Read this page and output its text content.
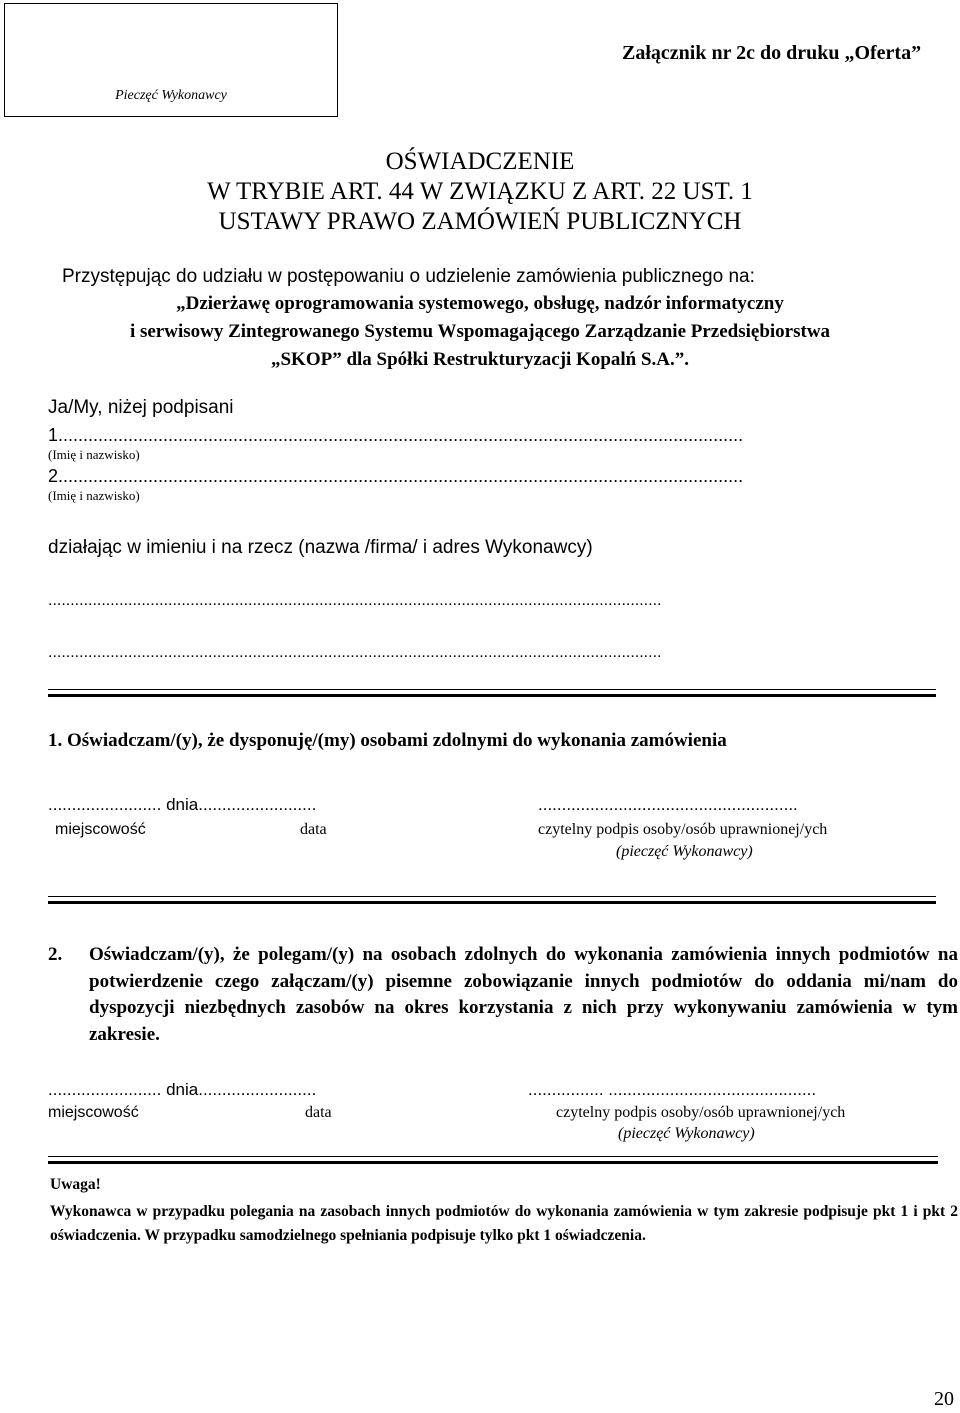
Pieczęć Wykonawcy
Załącznik nr 2c do druku „Oferta”
OŚWIADCZENIE
W TRYBIE ART. 44 W ZWIĄZKU Z ART. 22 UST. 1
USTAWY PRAWO ZAMÓWIEŃ PUBLICZNYCH
Przystępując do udziału w postępowaniu o udzielenie zamówienia publicznego na:
„Dzierżawę oprogramowania systemowego, obsługę, nadzór informatyczny
i serwisowy Zintegrowanego Systemu Wspomagającego Zarządzanie Przedsiębiorstwa
„SKOP” dla Spółki Restrukturyzacji Kopalń S.A.”.
Ja/My, niżej podpisani
1.........................................................................................................................................
(Imię i nazwisko)
2.........................................................................................................................................
(Imię i nazwisko)
działając w imieniu i na rzecz (nazwa /firma/ i adres Wykonawcy)
..........................................................................................................................................
..........................................................................................................................................
1. Oświadczam/(y), że dysponuję/(my) osobami zdolnymi do wykonania zamówienia
........................ dnia.........................	.......................................................
miejscowość	data	czytelny podpis osoby/osób uprawnionej/ych
(pieczęć Wykonawcy)
2. Oświadczam/(y), że polegam/(y) na osobach zdolnych do wykonania zamówienia innych podmiotów na potwierdzenie czego załączam/(y) pisemne zobowiązanie innych podmiotów do oddania mi/nam do dyspozycji niezbędnych zasobów na okres korzystania z nich przy wykonywaniu zamówienia w tym zakresie.
........................ dnia.........................	................ ............................................
miejscowość	data	czytelny podpis osoby/osób uprawnionej/ych
(pieczęć Wykonawcy)
Uwaga!
Wykonawca w przypadku polegania na zasobach innych podmiotów do wykonania zamówienia w tym zakresie podpisuje pkt 1 i pkt 2 oświadczenia. W przypadku samodzielnego spełniania podpisuje tylko pkt 1 oświadczenia.
20
